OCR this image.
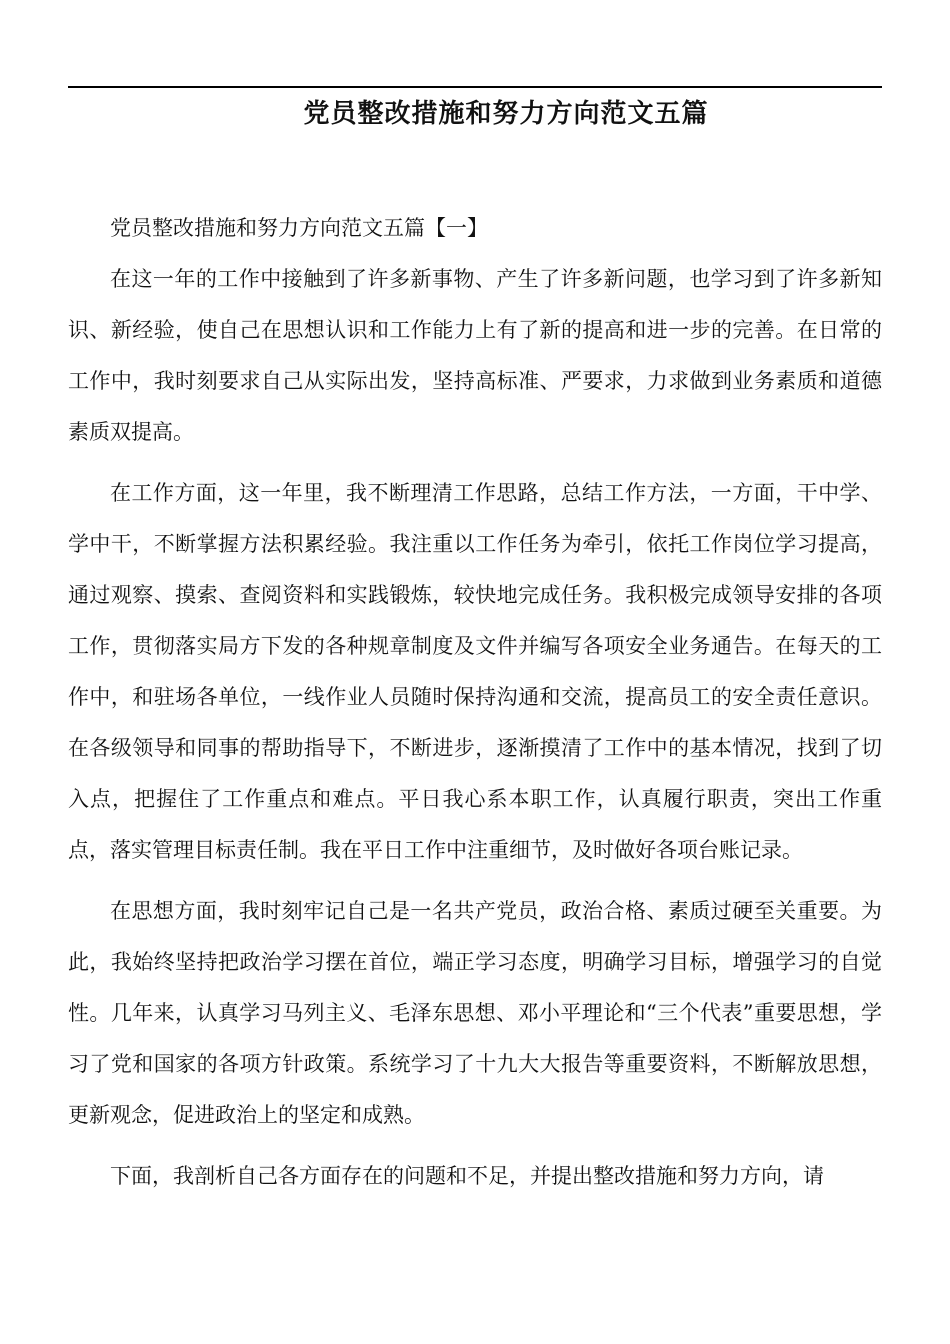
党员整改措施和努力方向范文五篇

党员整改措施和努力方向范文五篇【一】

在这一年的工作中接触到了许多新事物、产生了许多新问题，也学习到了许多新知识、新经验，使自己在思想认识和工作能力上有了新的提高和进一步的完善。在日常的工作中，我时刻要求自己从实际出发，坚持高标准、严要求，力求做到业务素质和道德素质双提高。

在工作方面，这一年里，我不断理清工作思路，总结工作方法，一方面，干中学、学中干，不断掌握方法积累经验。我注重以工作任务为牵引，依托工作岗位学习提高，通过观察、摸索、查阅资料和实践锻炼，较快地完成任务。我积极完成领导安排的各项工作，贯彻落实局方下发的各种规章制度及文件并编写各项安全业务通告。在每天的工作中，和驻场各单位，一线作业人员随时保持沟通和交流，提高员工的安全责任意识。在各级领导和同事的帮助指导下，不断进步，逐渐摸清了工作中的基本情况，找到了切入点，把握住了工作重点和难点。平日我心系本职工作，认真履行职责，突出工作重点，落实管理目标责任制。我在平日工作中注重细节，及时做好各项台账记录。

在思想方面，我时刻牢记自己是一名共产党员，政治合格、素质过硬至关重要。为此，我始终坚持把政治学习摆在首位，端正学习态度，明确学习目标，增强学习的自觉性。几年来，认真学习马列主义、毛泽东思想、邓小平理论和“三个代表”重要思想，学习了党和国家的各项方针政策。系统学习了十九大大报告等重要资料，不断解放思想，更新观念，促进政治上的坚定和成熟。

下面，我剖析自己各方面存在的问题和不足，并提出整改措施和努力方向，请
